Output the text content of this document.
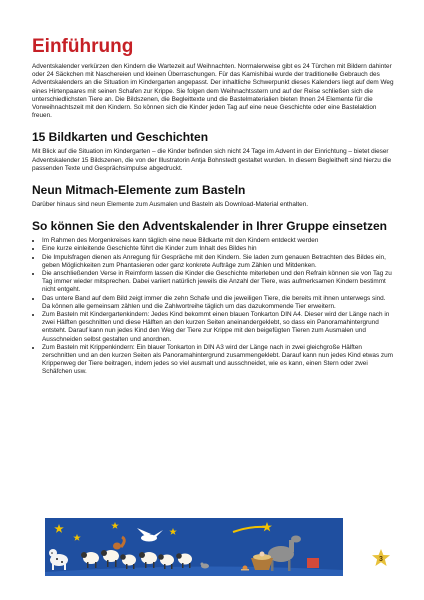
Einführung

Adventskalender verkürzen den Kindern die Wartezeit auf Weihnachten. Normalerweise gibt es 24 Türchen mit Bildern dahinter oder 24 Säckchen mit Naschereien und kleinen Überraschungen. Für das Kamishibai wurde der traditionelle Gebrauch des Adventskalenders an die Situation im Kindergarten angepasst. Der inhaltliche Schwerpunkt dieses Kalenders liegt auf dem Weg eines Hirtenpaares mit seinen Schafen zur Krippe. Sie folgen dem Weihnachtsstern und auf der Reise schließen sich die unterschiedlichsten Tiere an. Die Bildszenen, die Begleittexte und die Bastelmaterialien bieten Ihnen 24 Elemente für die Vorweihnachtszeit mit den Kindern. So können sich die Kinder jeden Tag auf eine neue Geschichte oder eine Bastelaktion freuen.

15 Bildkarten und Geschichten

Mit Blick auf die Situation im Kindergarten – die Kinder befinden sich nicht 24 Tage im Advent in der Einrichtung – bietet dieser Adventskalender 15 Bildszenen, die von der Illustratorin Antja Bohnstedt gestaltet wurden. In diesem Begleitheft sind hierzu die passenden Texte und Gesprächsimpulse abgedruckt.

Neun Mitmach-Elemente zum Basteln

Darüber hinaus sind neun Elemente zum Ausmalen und Basteln als Download-Material enthalten.

So können Sie den Adventskalender in Ihrer Gruppe einsetzen
• Im Rahmen des Morgenkreises kann täglich eine neue Bildkarte mit den Kindern entdeckt werden
• Eine kurze einleitende Geschichte führt die Kinder zum Inhalt des Bildes hin
• Die Impulsfragen dienen als Anregung für Gespräche mit den Kindern. Sie laden zum genauen Betrachten des Bildes ein, geben Möglichkeiten zum Phantasieren oder ganz konkrete Aufträge zum Zählen und Mitdenken.
• Die anschließenden Verse in Reimform lassen die Kinder die Geschichte miterleben und den Refrain können sie von Tag zu Tag immer wieder mitsprechen. Dabei variiert natürlich jeweils die Anzahl der Tiere, was aufmerksamen Kindern bestimmt nicht entgeht.
• Das untere Band auf dem Bild zeigt immer die zehn Schafe und die jeweiligen Tiere, die bereits mit ihnen unterwegs sind. Da können alle gemeinsam zählen und die Zahlwortreihe täglich um das dazukommende Tier erweitern.
• Zum Basteln mit Kindergartenkindern: Jedes Kind bekommt einen blauen Tonkarton DIN A4. Dieser wird der Länge nach in zwei Hälften geschnitten und diese Hälften an den kurzen Seiten aneinandergeklebt, so dass ein Panoramahintergrund entsteht. Darauf kann nun jedes Kind den Weg der Tiere zur Krippe mit den beigefügten Tieren zum Ausmalen und Ausschneiden selbst gestalten und anordnen.
• Zum Basteln mit Krippenkindern: Ein blauer Tonkarton in DIN A3 wird der Länge nach in zwei gleichgroße Hälften zerschnitten und an den kurzen Seiten als Panoramahintergrund zusammengeklebt. Darauf kann nun jedes Kind etwas zum Krippenweg der Tiere beitragen, indem jedes so viel ausmalt und ausschneidet, wie es kann, einen Stern oder zwei Schäfchen usw.
3
